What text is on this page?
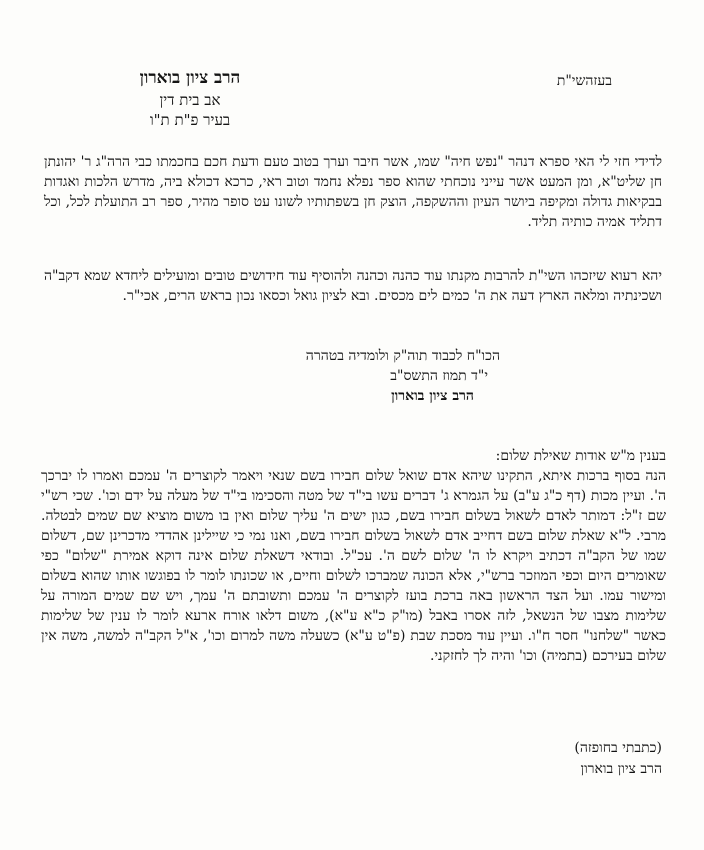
בעזהשי"ת
הרב ציון בוארון
אב בית דין
בעיר פ"ת ת"ו
לדידי חזי לי האי ספרא דנהר "נפש חיה" שמו, אשר חיבר וערך בטוב טעם ודעת חכם בחכמתו כבי הרה"ג ר' יהונתן חן שליט"א, ומן המעט אשר עייני נוכחתי שהוא ספר נפלא נחמד וטוב ראי, כרכא דכולא ביה, מדרש הלכות ואגדות בבקיאות גדולה ומקיפה ביושר העיון וההשקפה, הוצק חן בשפתותיו לשונו עט סופר מהיר, ספר רב התועלת לכל, וכל דתליד אמיה כותיה תליד.
יהא רעוא שיזכהו השי"ת להרבות מקנתו עוד כהנה וכהנה ולהוסיף עוד חידושים טובים ומועילים ליחדא שמא דקב"ה ושכינתיה ומלאה הארץ דעה את ה' כמים לים מכסים. ובא לציון גואל וכסאו נכון בראש הרים, אכי"ר.
הכו"ח לכבוד תוה"ק ולומדיה בטהרה
י"ד תמוז התשס"ב
הרב ציון בוארון
בענין מ"ש אודות שאילת שלום:
הנה בסוף ברכות איתא, התקינו שיהא אדם שואל שלום חבירו בשם שנאי ויאמר לקוצרים ה' עמכם ואמרו לו יברכך ה'. ועיין מכות (דף כ"ג ע"ב) על הגמרא ג' דברים עשו בי"ד של מטה והסכימו בי"ד של מעלה על ידם וכו'. שכי רש"י שם ז"ל: דמותר לאדם לשאול בשלום חבירו בשם, כגון ישים ה' עליך שלום ואין בו משום מוציא שם שמים לבטלה. מרבי. ל"א שאלת שלום בשם דחייב אדם לשאול בשלום חבירו בשם, ואנו נמי כי שיילינן אהדדי מדכרינן שם, דשלום שמו של הקב"ה דכתיב ויקרא לו ה' שלום לשם ה'. עכ"ל. ובודאי דשאלת שלום אינה דוקא אמירת "שלום" כפי שאומרים היום וכפי המוזכר ברש"י, אלא הכונה שמברכו לשלום וחיים, או שכונתו לומר לו בפוגשו אותו שהוא בשלום ומישור עמו. ועל הצד הראשון באה ברכת בועז לקוצרים ה' עמכם ותשובתם ה' עמך, ויש שם שמים המורה על שלימות מצבו של הנשאל, לזה אסרו באבל (מו"ק כ"א ע"א), משום דלאו אורח ארעא לומר לו ענין של שלימות כאשר "שלחנו" חסר ח"ו. ועיין עוד מסכת שבת (פ"ט ע"א) כשעלה משה למרום וכו', א"ל הקב"ה למשה, משה אין שלום בעירכם (בתמיה) וכו' והיה לך לחזקני.
(כתבתי בחופזה)
הרב ציון בוארון
